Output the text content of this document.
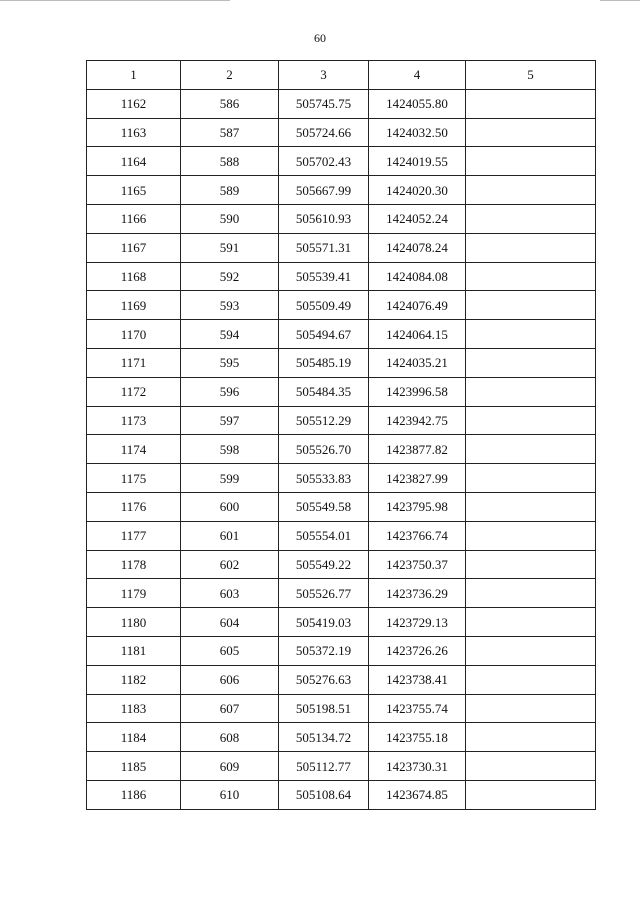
60
1	2	3	4	5
1162	586	505745.75	1424055.80	
1163	587	505724.66	1424032.50	
1164	588	505702.43	1424019.55	
1165	589	505667.99	1424020.30	
1166	590	505610.93	1424052.24	
1167	591	505571.31	1424078.24	
1168	592	505539.41	1424084.08	
1169	593	505509.49	1424076.49	
1170	594	505494.67	1424064.15	
1171	595	505485.19	1424035.21	
1172	596	505484.35	1423996.58	
1173	597	505512.29	1423942.75	
1174	598	505526.70	1423877.82	
1175	599	505533.83	1423827.99	
1176	600	505549.58	1423795.98	
1177	601	505554.01	1423766.74	
1178	602	505549.22	1423750.37	
1179	603	505526.77	1423736.29	
1180	604	505419.03	1423729.13	
1181	605	505372.19	1423726.26	
1182	606	505276.63	1423738.41	
1183	607	505198.51	1423755.74	
1184	608	505134.72	1423755.18	
1185	609	505112.77	1423730.31	
1186	610	505108.64	1423674.85	
